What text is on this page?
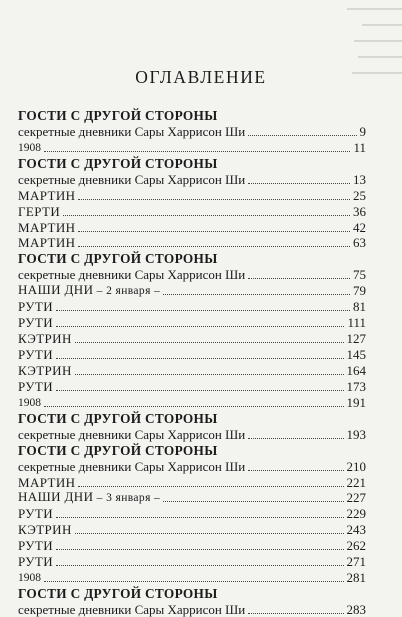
ОГЛАВЛЕНИЕ
ГОСТИ С ДРУГОЙ СТОРОНЫ
секретные дневники Сары Харрисон Ши	9
1908	11
ГОСТИ С ДРУГОЙ СТОРОНЫ
секретные дневники Сары Харрисон Ши	13
МАРТИН	25
ГЕРТИ	36
МАРТИН	42
МАРТИН	63
ГОСТИ С ДРУГОЙ СТОРОНЫ
секретные дневники Сары Харрисон Ши	75
НАШИ ДНИ – 2 января –	79
РУТИ	81
РУТИ	111
КЭТРИН	127
РУТИ	145
КЭТРИН	164
РУТИ	173
1908	191
ГОСТИ С ДРУГОЙ СТОРОНЫ
секретные дневники Сары Харрисон Ши	193
ГОСТИ С ДРУГОЙ СТОРОНЫ
секретные дневники Сары Харрисон Ши	210
МАРТИН	221
НАШИ ДНИ – 3 января –	227
РУТИ	229
КЭТРИН	243
РУТИ	262
РУТИ	271
1908	281
ГОСТИ С ДРУГОЙ СТОРОНЫ
секретные дневники Сары Харрисон Ши	283
